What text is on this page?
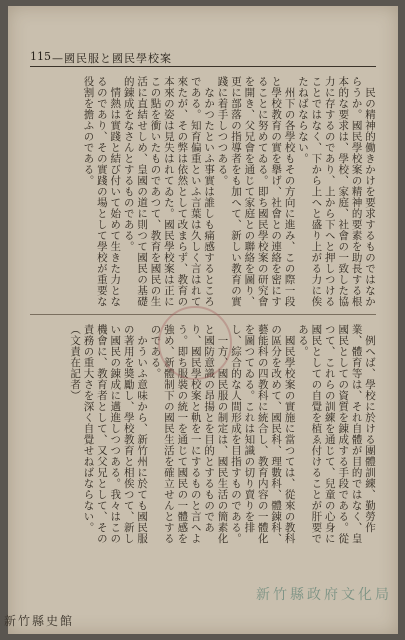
115 —國民服と國民學校案

民の精神的働きかけを要求するものではなからうか。國民學校案の精神的要素を助長する根本的な要求は、學校、家庭、社會の一致した協力に存するのであり、上から下へと押しつけることではなく、下から上へと盛り上がる力に俟たねばならない。

州下の各學校もその方向に進み、この際一段と學校教育の實を擧げ、社會との連絡を密にすることに努めてゐる。即ち國民學校案の研究會を開き、父兄會を通じて家庭との聯絡を圖り、更に部落の指導者をも加へて、新しい教育の實踐に着手しつつある。

なかつたといふ事實は誰しも痛感するところである。知育偏重といふ言葉は久しく言はれて來たが、その弊は依然として改まらず、教育の本來の姿は見失はれてゐた。國民學校案は正にこの點を衝いたものであつて、教育を國民の生活に直結せしめ、皇國の道に則つて國民の基礎的錬成をなさんとするものである。

情熱は實踐と結び付いて始めて生きた力となるのであり、その實踐の場として學校が重要な役割を擔ふのである。

例へば、學校に於ける團體訓練、勤勞作業、體育等は、それ自體が目的ではなく、皇國民としての資質を錬成する手段である。從つて、これらの訓練を通じて、兒童の心身に國民としての自覺を植ゑ付けることが肝要である。

國民學校案の實施に當つては、從來の教科の區分を改めて、國民科、理數科、體錬科、藝能科の四教科に統合し、教育内容の一體化を圖つてゐる。これは知識の切り賣りを排し、綜合的な人間形成を目指すものである。

一方、國民服の制定は、國民生活の簡素化と國防意識の昂揚とを目的とするものであり、國民學校案と軌を一にするものと言へよう。即ち服裝の統一を通じて國民の一體感を強め、新體制下の國民生活を確立せんとするのである。

かういふ意味から、新竹州に於ても國民服の著用を奬勵し、學校教育と相俟つて、新しい國民の錬成に邁進しつつある。我々はこの機會に、教育者として、又父兄として、その責務の重大さを深く自覺せねばならない。（文責在記者）

新竹縣政府文化局
新竹縣史館
